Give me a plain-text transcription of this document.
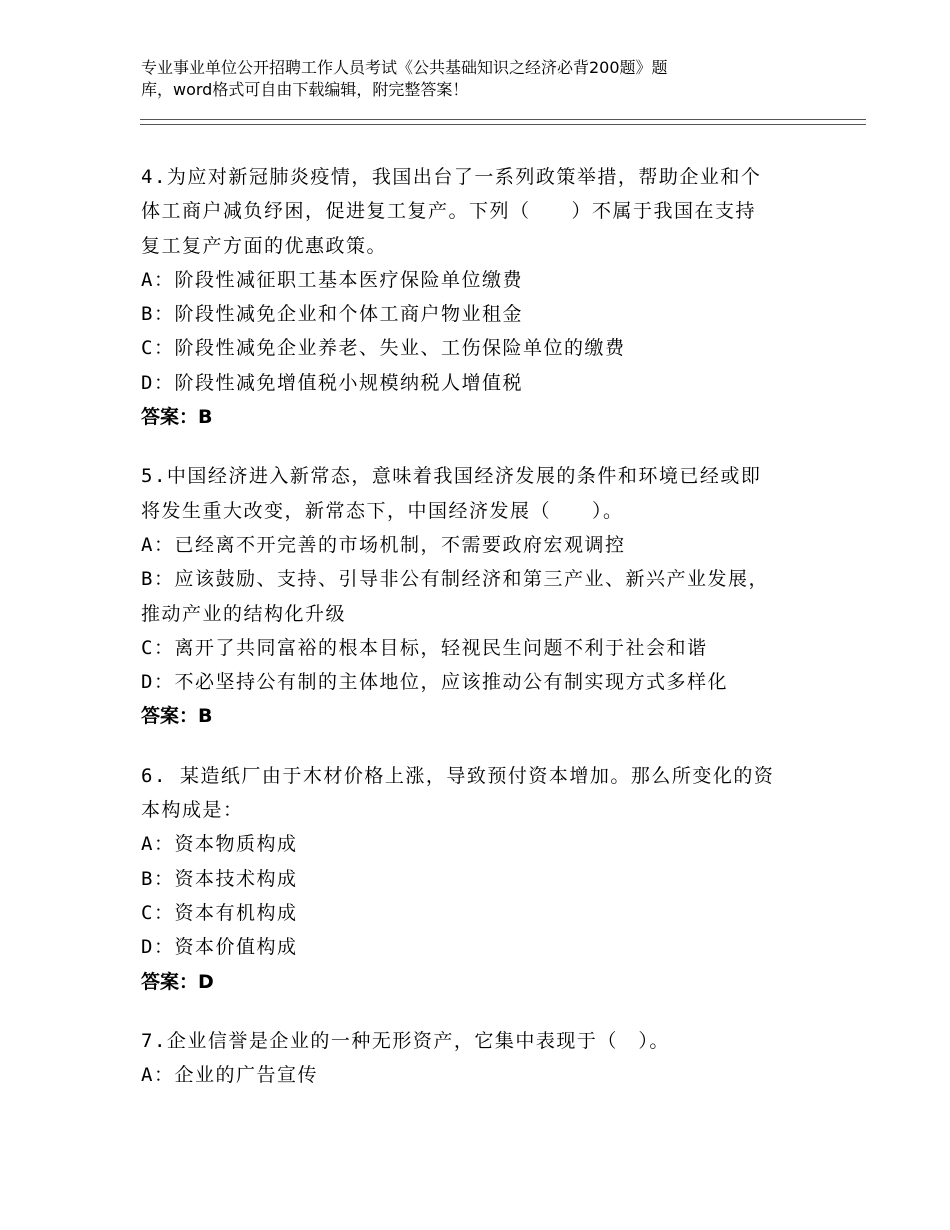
专业事业单位公开招聘工作人员考试《公共基础知识之经济必背200题》题
库，word格式可自由下载编辑，附完整答案！
4.为应对新冠肺炎疫情，我国出台了一系列政策举措，帮助企业和个
体工商户减负纾困，促进复工复产。下列（　　）不属于我国在支持
复工复产方面的优惠政策。
A：阶段性减征职工基本医疗保险单位缴费
B：阶段性减免企业和个体工商户物业租金
C：阶段性减免企业养老、失业、工伤保险单位的缴费
D：阶段性减免增值税小规模纳税人增值税
答案：B
5.中国经济进入新常态，意味着我国经济发展的条件和环境已经或即
将发生重大改变，新常态下，中国经济发展（　　）。
A：已经离不开完善的市场机制，不需要政府宏观调控
B：应该鼓励、支持、引导非公有制经济和第三产业、新兴产业发展，
推动产业的结构化升级
C：离开了共同富裕的根本目标，轻视民生问题不利于社会和谐
D：不必坚持公有制的主体地位，应该推动公有制实现方式多样化
答案：B
6. 某造纸厂由于木材价格上涨，导致预付资本增加。那么所变化的资
本构成是：
A：资本物质构成
B：资本技术构成
C：资本有机构成
D：资本价值构成
答案：D
7.企业信誉是企业的一种无形资产，它集中表现于（　）。
A：企业的广告宣传
